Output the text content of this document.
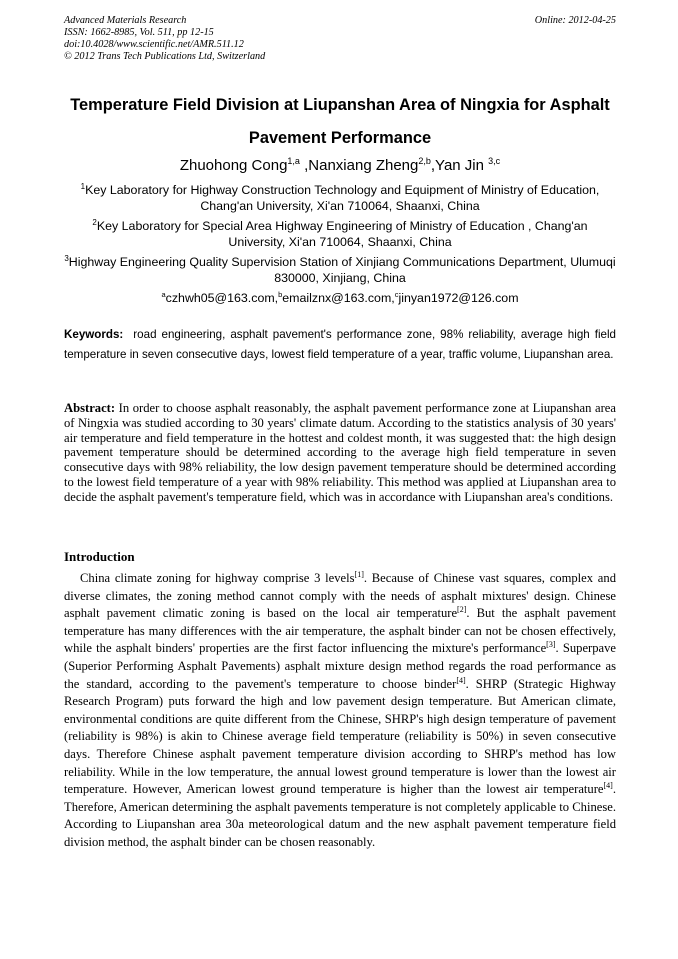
Advanced Materials Research
ISSN: 1662-8985, Vol. 511, pp 12-15
doi:10.4028/www.scientific.net/AMR.511.12
© 2012 Trans Tech Publications Ltd, Switzerland
Online: 2012-04-25
Temperature Field Division at Liupanshan Area of Ningxia for Asphalt Pavement Performance
Zhuohong Cong$^{1,a}$ ,Nanxiang Zheng$^{2,b}$,Yan Jin $^{3,c}$
$^1$Key Laboratory for Highway Construction Technology and Equipment of Ministry of Education, Chang'an University, Xi'an 710064, Shaanxi, China
$^2$Key Laboratory for Special Area Highway Engineering of Ministry of Education , Chang'an University, Xi'an 710064, Shaanxi, China
$^3$Highway Engineering Quality Supervision Station of Xinjiang Communications Department, Ulumuqi 830000, Xinjiang, China
$^a$czhwh05@163.com,$^b$emailznx@163.com,$^c$jinyan1972@126.com
Keywords:  road engineering, asphalt pavement's performance zone, 98% reliability, average high field temperature in seven consecutive days, lowest field temperature of a year, traffic volume, Liupanshan area.
Abstract: In order to choose asphalt reasonably, the asphalt pavement performance zone at Liupanshan area of Ningxia was studied according to 30 years' climate datum. According to the statistics analysis of 30 years' air temperature and field temperature in the hottest and coldest month, it was suggested that: the high design pavement temperature should be determined according to the average high field temperature in seven consecutive days with 98% reliability, the low design pavement temperature should be determined according to the lowest field temperature of a year with 98% reliability. This method was applied at Liupanshan area to decide the asphalt pavement's temperature field, which was in accordance with Liupanshan area's conditions.
Introduction
China climate zoning for highway comprise 3 levels[1]. Because of Chinese vast squares, complex and diverse climates, the zoning method cannot comply with the needs of asphalt mixtures' design. Chinese asphalt pavement climatic zoning is based on the local air temperature[2]. But the asphalt pavement temperature has many differences with the air temperature, the asphalt binder can not be chosen effectively, while the asphalt binders' properties are the first factor influencing the mixture's performance[3]. Superpave (Superior Performing Asphalt Pavements) asphalt mixture design method regards the road performance as the standard, according to the pavement's temperature to choose binder[4]. SHRP (Strategic Highway Research Program) puts forward the high and low pavement design temperature. But American climate, environmental conditions are quite different from the Chinese, SHRP's high design temperature of pavement (reliability is 98%) is akin to Chinese average field temperature (reliability is 50%) in seven consecutive days. Therefore Chinese asphalt pavement temperature division according to SHRP's method has low reliability. While in the low temperature, the annual lowest ground temperature is lower than the lowest air temperature. However, American lowest ground temperature is higher than the lowest air temperature[4]. Therefore, American determining the asphalt pavements temperature is not completely applicable to Chinese. According to Liupanshan area 30a meteorological datum and the new asphalt pavement temperature field division method, the asphalt binder can be chosen reasonably.
